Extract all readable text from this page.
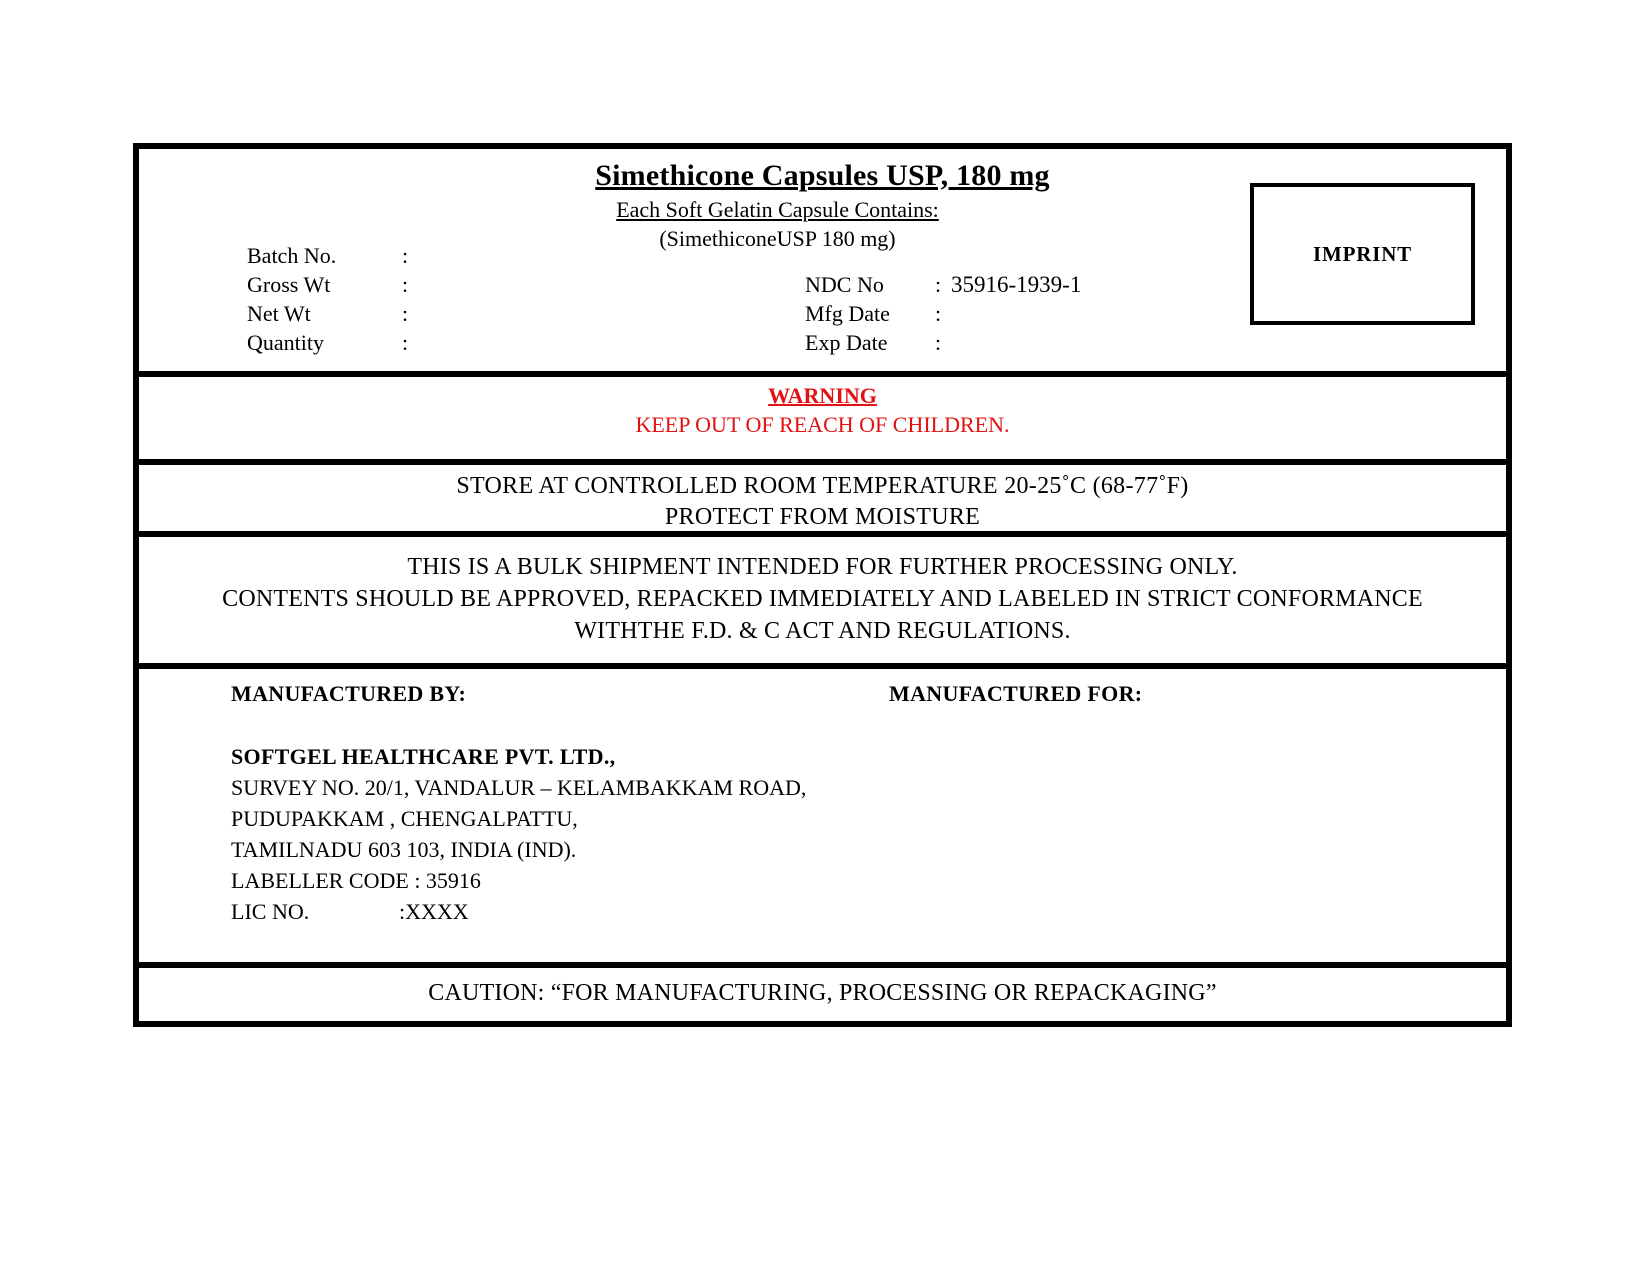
Simethicone Capsules USP, 180 mg
Each Soft Gelatin Capsule Contains:
(SimethiconeUSP 180 mg)
Batch No.	:
Gross Wt	:
Net Wt	:
Quantity	:
NDC No : 35916-1939-1
Mfg Date :
Exp Date :
IMPRINT
WARNING
KEEP OUT OF REACH OF CHILDREN.
STORE AT CONTROLLED ROOM TEMPERATURE 20-25˚C (68-77˚F)
PROTECT FROM MOISTURE
THIS IS A BULK SHIPMENT INTENDED FOR FURTHER PROCESSING ONLY.
CONTENTS SHOULD BE APPROVED, REPACKED IMMEDIATELY AND LABELED IN STRICT CONFORMANCE
WITHTHE F.D. & C ACT AND REGULATIONS.
MANUFACTURED BY:	MANUFACTURED FOR:
SOFTGEL HEALTHCARE PVT. LTD.,
SURVEY NO. 20/1, VANDALUR – KELAMBAKKAM ROAD,
PUDUPAKKAM , CHENGALPATTU,
TAMILNADU 603 103, INDIA (IND).
LABELLER CODE : 35916
LIC NO.	:XXXX
CAUTION: “FOR MANUFACTURING, PROCESSING OR REPACKAGING”
